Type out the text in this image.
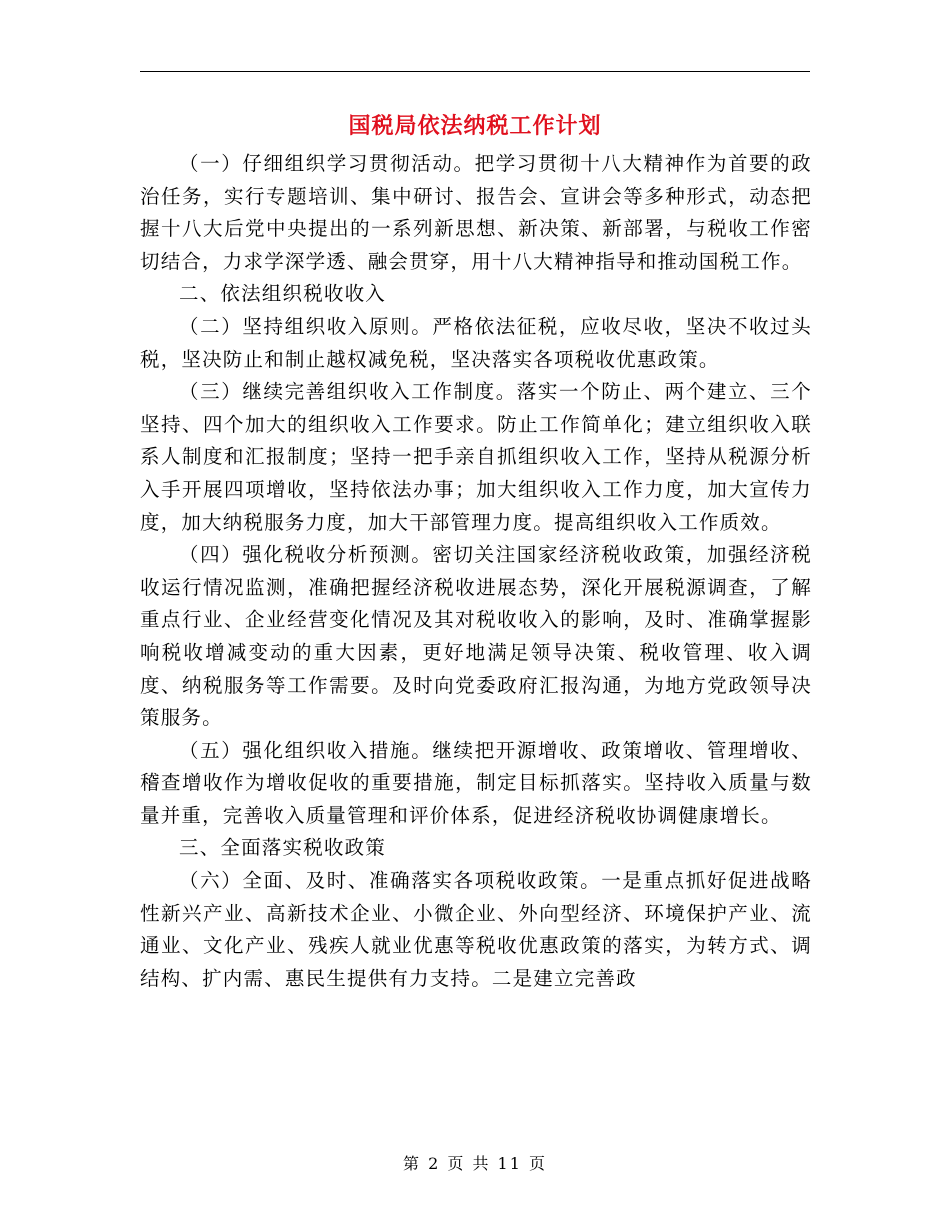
国税局依法纳税工作计划

（一）仔细组织学习贯彻活动。把学习贯彻十八大精神作为首要的政治任务，实行专题培训、集中研讨、报告会、宣讲会等多种形式，动态把握十八大后党中央提出的一系列新思想、新决策、新部署，与税收工作密切结合，力求学深学透、融会贯穿，用十八大精神指导和推动国税工作。

二、依法组织税收收入

（二）坚持组织收入原则。严格依法征税，应收尽收，坚决不收过头税，坚决防止和制止越权减免税，坚决落实各项税收优惠政策。

（三）继续完善组织收入工作制度。落实一个防止、两个建立、三个坚持、四个加大的组织收入工作要求。防止工作简单化；建立组织收入联系人制度和汇报制度；坚持一把手亲自抓组织收入工作，坚持从税源分析入手开展四项增收，坚持依法办事；加大组织收入工作力度，加大宣传力度，加大纳税服务力度，加大干部管理力度。提高组织收入工作质效。

（四）强化税收分析预测。密切关注国家经济税收政策，加强经济税收运行情况监测，准确把握经济税收进展态势，深化开展税源调查，了解重点行业、企业经营变化情况及其对税收收入的影响，及时、准确掌握影响税收增减变动的重大因素，更好地满足领导决策、税收管理、收入调度、纳税服务等工作需要。及时向党委政府汇报沟通，为地方党政领导决策服务。

（五）强化组织收入措施。继续把开源增收、政策增收、管理增收、稽查增收作为增收促收的重要措施，制定目标抓落实。坚持收入质量与数量并重，完善收入质量管理和评价体系，促进经济税收协调健康增长。

三、全面落实税收政策

（六）全面、及时、准确落实各项税收政策。一是重点抓好促进战略性新兴产业、高新技术企业、小微企业、外向型经济、环境保护产业、流通业、文化产业、残疾人就业优惠等税收优惠政策的落实，为转方式、调结构、扩内需、惠民生提供有力支持。二是建立完善政

第 2 页 共 11 页
